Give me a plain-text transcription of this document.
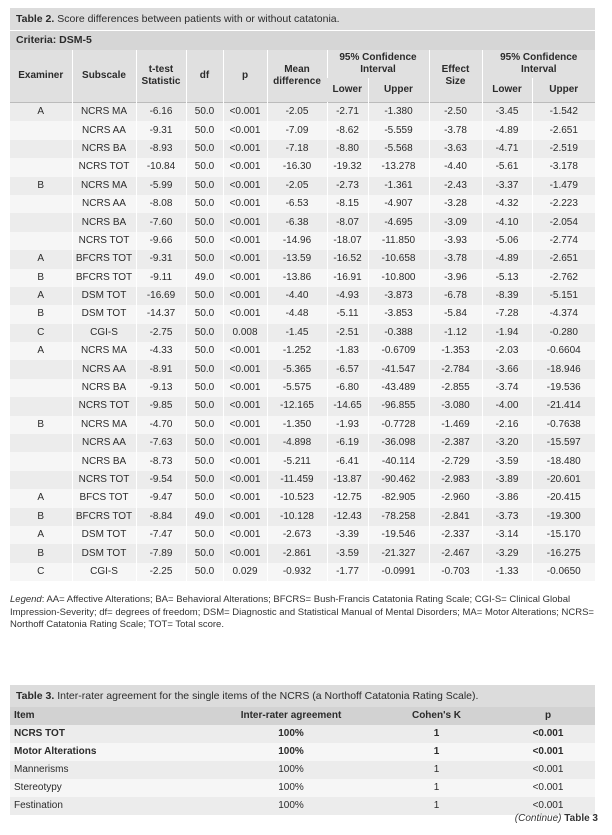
Table 2. Score differences between patients with or without catatonia.
Criteria: DSM-5
Examiner	Subscale	t-test Statistic	df	p	Mean difference	95% Confidence Interval		Effect Size	95% Confidence Interval	
						Lower	Upper		Lower	Upper
A	NCRS MA	-6.16	50.0	<0.001	-2.05	-2.71	-1.380	-2.50	-3.45	-1.542
	NCRS AA	-9.31	50.0	<0.001	-7.09	-8.62	-5.559	-3.78	-4.89	-2.651
	NCRS BA	-8.93	50.0	<0.001	-7.18	-8.80	-5.568	-3.63	-4.71	-2.519
	NCRS TOT	-10.84	50.0	<0.001	-16.30	-19.32	-13.278	-4.40	-5.61	-3.178
B	NCRS MA	-5.99	50.0	<0.001	-2.05	-2.73	-1.361	-2.43	-3.37	-1.479
	NCRS AA	-8.08	50.0	<0.001	-6.53	-8.15	-4.907	-3.28	-4.32	-2.223
	NCRS BA	-7.60	50.0	<0.001	-6.38	-8.07	-4.695	-3.09	-4.10	-2.054
	NCRS TOT	-9.66	50.0	<0.001	-14.96	-18.07	-11.850	-3.93	-5.06	-2.774
A	BFCRS TOT	-9.31	50.0	<0.001	-13.59	-16.52	-10.658	-3.78	-4.89	-2.651
B	BFCRS TOT	-9.11	49.0	<0.001	-13.86	-16.91	-10.800	-3.96	-5.13	-2.762
A	DSM TOT	-16.69	50.0	<0.001	-4.40	-4.93	-3.873	-6.78	-8.39	-5.151
B	DSM TOT	-14.37	50.0	<0.001	-4.48	-5.11	-3.853	-5.84	-7.28	-4.374
C	CGI-S	-2.75	50.0	0.008	-1.45	-2.51	-0.388	-1.12	-1.94	-0.280
A	NCRS MA	-4.33	50.0	<0.001	-1.252	-1.83	-0.6709	-1.353	-2.03	-0.6604
	NCRS AA	-8.91	50.0	<0.001	-5.365	-6.57	-41.547	-2.784	-3.66	-18.946
	NCRS BA	-9.13	50.0	<0.001	-5.575	-6.80	-43.489	-2.855	-3.74	-19.536
	NCRS TOT	-9.85	50.0	<0.001	-12.165	-14.65	-96.855	-3.080	-4.00	-21.414
B	NCRS MA	-4.70	50.0	<0.001	-1.350	-1.93	-0.7728	-1.469	-2.16	-0.7638
	NCRS AA	-7.63	50.0	<0.001	-4.898	-6.19	-36.098	-2.387	-3.20	-15.597
	NCRS BA	-8.73	50.0	<0.001	-5.211	-6.41	-40.114	-2.729	-3.59	-18.480
	NCRS TOT	-9.54	50.0	<0.001	-11.459	-13.87	-90.462	-2.983	-3.89	-20.601
A	BFCS TOT	-9.47	50.0	<0.001	-10.523	-12.75	-82.905	-2.960	-3.86	-20.415
B	BFCRS TOT	-8.84	49.0	<0.001	-10.128	-12.43	-78.258	-2.841	-3.73	-19.300
A	DSM TOT	-7.47	50.0	<0.001	-2.673	-3.39	-19.546	-2.337	-3.14	-15.170
B	DSM TOT	-7.89	50.0	<0.001	-2.861	-3.59	-21.327	-2.467	-3.29	-16.275
C	CGI-S	-2.25	50.0	0.029	-0.932	-1.77	-0.0991	-0.703	-1.33	-0.0650
Legend: AA= Affective Alterations; BA= Behavioral Alterations; BFCRS= Bush-Francis Catatonia Rating Scale; CGI-S= Clinical Global Impression-Severity; df= degrees of freedom; DSM= Diagnostic and Statistical Manual of Mental Disorders; MA= Motor Alterations; NCRS= Northoff Catatonia Rating Scale; TOT= Total score.
Table 3. Inter-rater agreement for the single items of the NCRS (a Northoff Catatonia Rating Scale).
Item	Inter-rater agreement	Cohen's K	p
NCRS TOT	100%	1	<0.001
Motor Alterations	100%	1	<0.001
Mannerisms	100%	1	<0.001
Stereotypy	100%	1	<0.001
Festination	100%	1	<0.001
(Continue) Table 3
